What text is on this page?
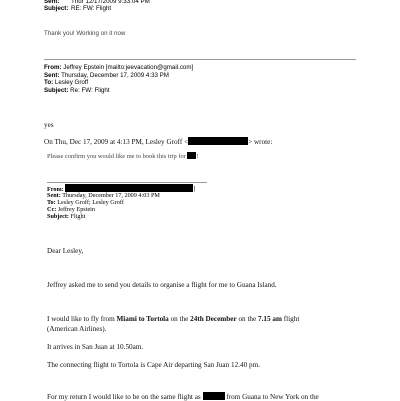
Sent: Thur 12/17/2009 9:33:04 PM
Subject: RE: FW: Flight
Thank you! Working on it now
From: Jeffrey Epstein [mailto:jeevacation@gmail.com]
Sent: Thursday, December 17, 2009 4:33 PM
To: Lesley Groff
Subject: Re: FW: Flight
yes
On Thu, Dec 17, 2009 at 4:13 PM, Lesley Groff <	> wrote:
Please confirm you would like me to book this trip for !
From:	]
Sent: Thursday, December 17, 2009 4:03 PM
To: Lesley Groff; Lesley Groff
Cc: Jeffrey Epstein
Subject: Flight
Dear Lesley,
Jeffrey asked me to send you details to organise a flight for me to Guana Island.
I would like to fly from Miami to Tortola on the 24th December on the 7.15 am flight
(American Airlines).
It arrives in San Juan at 10.50am.
The connecting flight to Tortola is Cape Air departing San Juan 12.40 pm.
For my return I would like to be on the same flight as	from Guana to New York on the
